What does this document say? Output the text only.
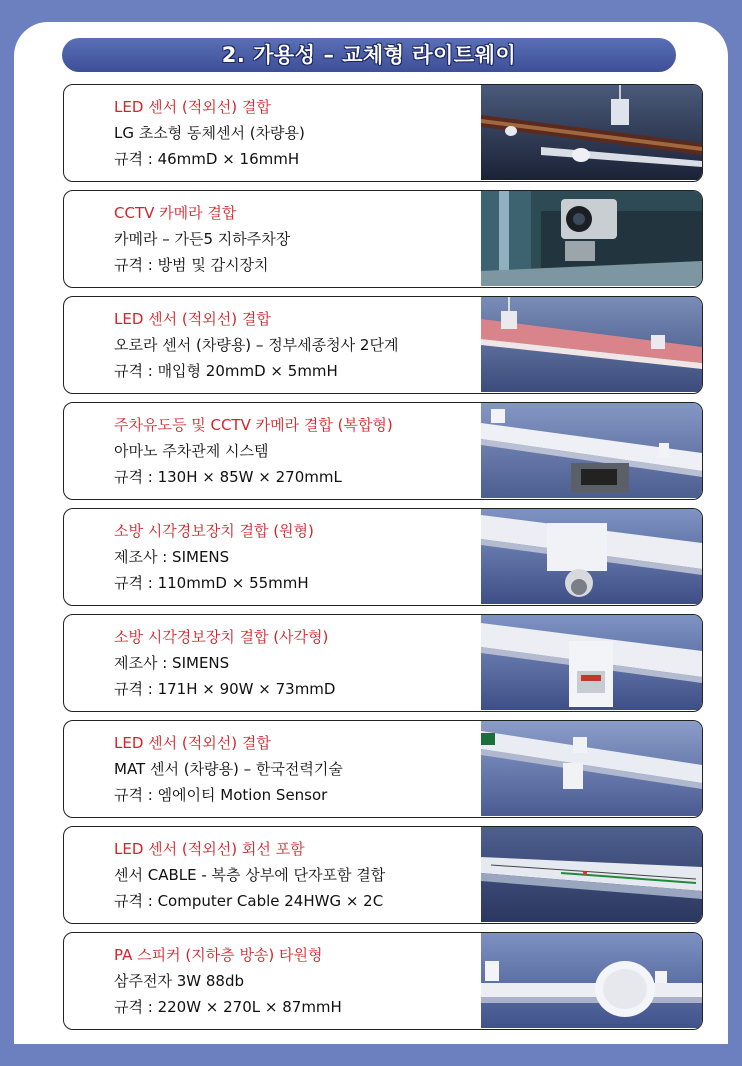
2. 가용성 – 교체형 라이트웨이
LED 센서 (적외선) 결합
LG 초소형 동체센서 (차량용)
규격 : 46mmD × 16mmH
CCTV 카메라 결합
카메라 – 가든5 지하주차장
규격 : 방범 및 감시장치
LED 센서 (적외선) 결합
오로라 센서 (차량용) – 정부세종청사 2단계
규격 : 매입형 20mmD × 5mmH
주차유도등 및 CCTV 카메라 결합 (복합형)
아마노 주차관제 시스템
규격 : 130H × 85W × 270mmL
소방 시각경보장치 결합 (원형)
제조사 : SIMENS
규격 : 110mmD × 55mmH
소방 시각경보장치 결합 (사각형)
제조사 : SIMENS
규격 : 171H × 90W × 73mmD
LED 센서 (적외선) 결합
MAT 센서 (차량용) – 한국전력기술
규격 : 엠에이티 Motion Sensor
LED 센서 (적외선) 회선 포함
센서 CABLE - 복층 상부에 단자포함 결합
규격 : Computer Cable 24HWG × 2C
PA 스피커 (지하층 방송) 타원형
삼주전자 3W 88db
규격 : 220W × 270L × 87mmH
